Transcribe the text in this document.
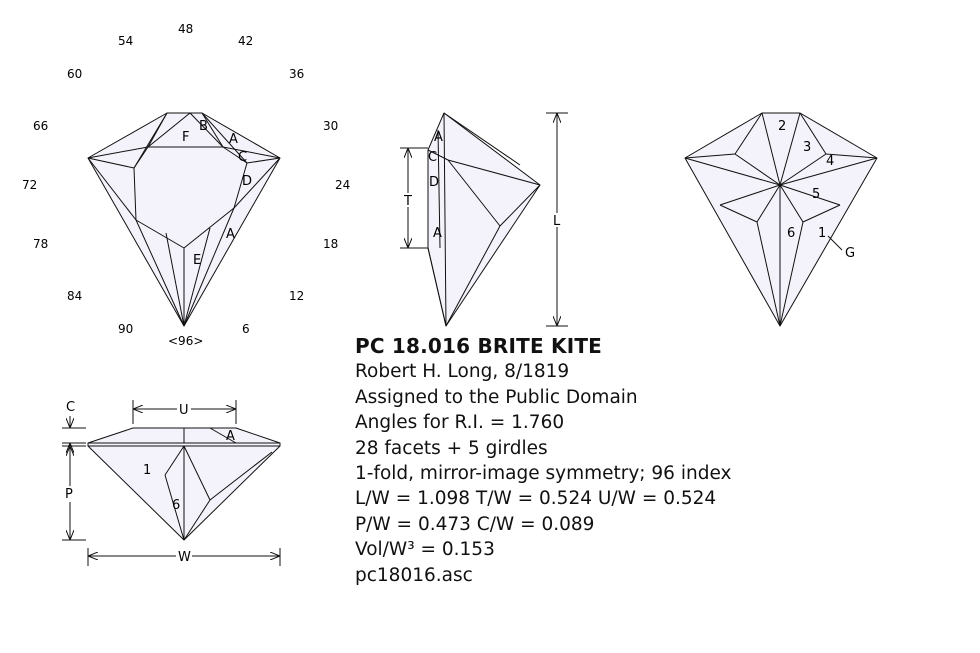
B
F	A
C
D
A
E
48
54	42
60	36
66	30
72	24
78	18
84	12
90	6
<96>
A
C
D
A
T
L
2
3
4
5
6 1
G
C	U
A
P
1
6
W
PC 18.016 BRITE KITE
Robert H. Long, 8/1819
Assigned to the Public Domain
Angles for R.I. = 1.760
28 facets + 5 girdles
1-fold, mirror-image symmetry; 96 index
L/W = 1.098 T/W = 0.524 U/W = 0.524
P/W = 0.473 C/W = 0.089
Vol/W³ = 0.153
pc18016.asc
